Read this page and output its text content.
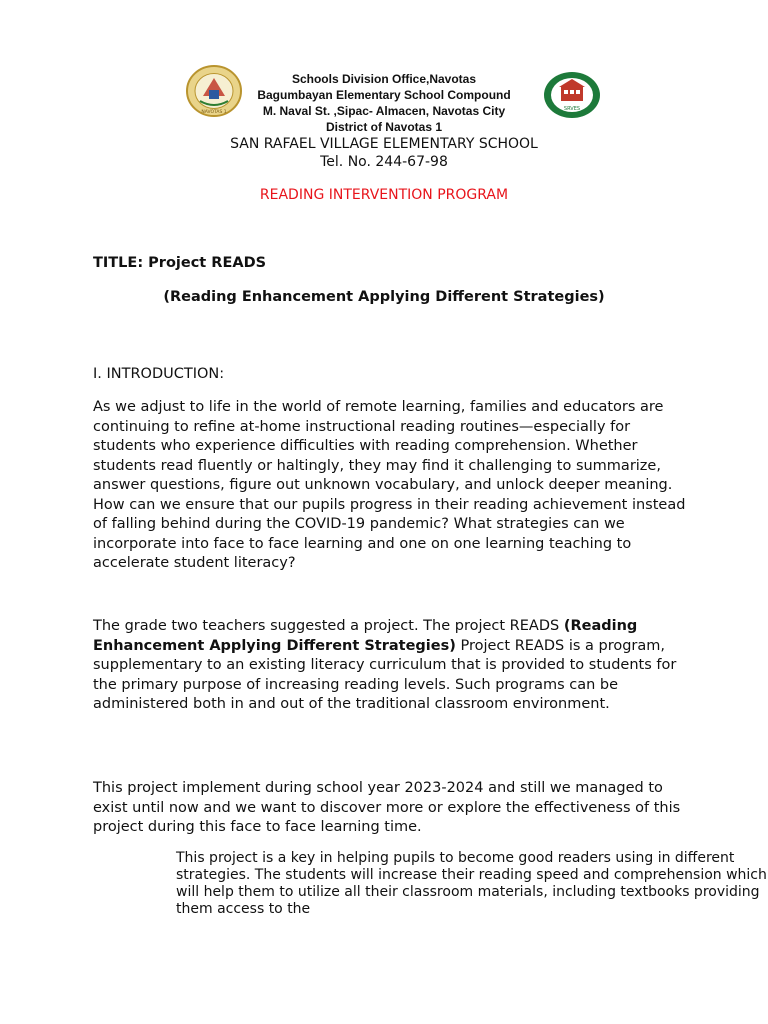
NAVOTAS 1
SRVES
Schools Division Office,Navotas
Bagumbayan Elementary School Compound
M. Naval St. ,Sipac- Almacen, Navotas City
District of Navotas 1
SAN RAFAEL VILLAGE ELEMENTARY SCHOOL
Tel. No. 244-67-98
READING INTERVENTION PROGRAM
TITLE: Project READS
(Reading Enhancement Applying Different Strategies)
I. INTRODUCTION:

As we adjust to life in the world of remote learning, families and educators are continuing to refine at-home instructional reading routines—especially for students who experience difficulties with reading comprehension. Whether students read fluently or haltingly, they may find it challenging to summarize, answer questions, figure out unknown vocabulary, and unlock deeper meaning. How can we ensure that our pupils progress in their reading achievement instead of falling behind during the COVID-19 pandemic? What strategies can we incorporate into face to face learning and one on one learning teaching to accelerate student literacy?

The grade two teachers suggested a project. The project READS (Reading Enhancement Applying Different Strategies) Project READS is a program, supplementary to an existing literacy curriculum that is provided to students for the primary purpose of increasing reading levels. Such programs can be administered both in and out of the traditional classroom environment.

This project implement during school year 2023-2024 and still we managed to exist until now and we want to discover more or explore the effectiveness of this project during this face to face learning time.

This project is a key in helping pupils to become good readers using in different strategies. The students will increase their reading speed and comprehension which will help them to utilize all their classroom materials, including textbooks providing them access to the
